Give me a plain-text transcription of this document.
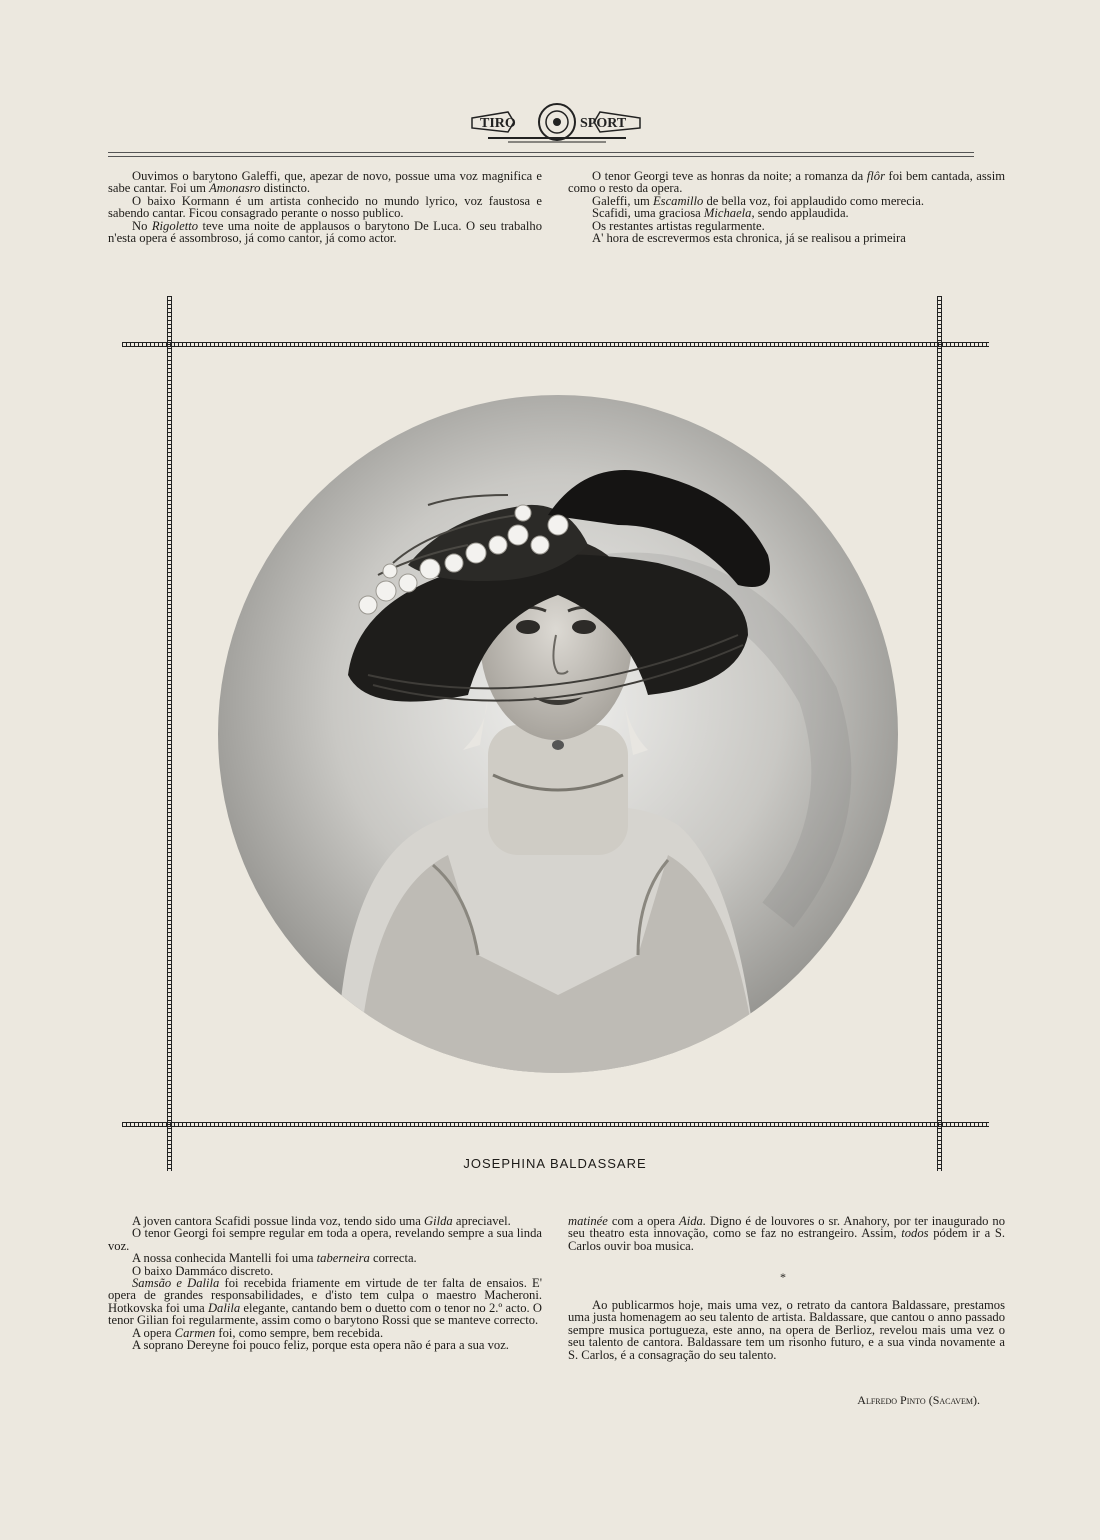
TIRO	SPORT

Ouvimos o barytono Galeffi, que, apezar de novo, possue uma voz magnifica e sabe cantar. Foi um Amonasro distincto.

O baixo Kormann é um artista conhecido no mundo lyrico, voz faustosa e sabendo cantar. Ficou consagrado perante o nosso publico.

No Rigoletto teve uma noite de applausos o barytono De Luca. O seu trabalho n'esta opera é assombroso, já como cantor, já como actor.

O tenor Georgi teve as honras da noite; a romanza da flôr foi bem cantada, assim como o resto da opera.

Galeffi, um Escamillo de bella voz, foi applaudido como merecia.

Scafidi, uma graciosa Michaela, sendo applaudida.

Os restantes artistas regularmente.

A' hora de escrevermos esta chronica, já se realisou a primeira

JOSEPHINA BALDASSARE

A joven cantora Scafidi possue linda voz, tendo sido uma Gilda apreciavel.

O tenor Georgi foi sempre regular em toda a opera, revelando sempre a sua linda voz.

A nossa conhecida Mantelli foi uma taberneira correcta.

O baixo Dammáco discreto.

Samsão e Dalila foi recebida friamente em virtude de ter falta de ensaios. E' opera de grandes responsabilidades, e d'isto tem culpa o maestro Macheroni. Hotkovska foi uma Dalila elegante, cantando bem o duetto com o tenor no 2.º acto. O tenor Gilian foi regularmente, assim como o barytono Rossi que se manteve correcto.

A opera Carmen foi, como sempre, bem recebida.

A soprano Dereyne foi pouco feliz, porque esta opera não é para a sua voz.

matinée com a opera Aida. Digno é de louvores o sr. Anahory, por ter inaugurado no seu theatro esta innovação, como se faz no estrangeiro. Assim, todos pódem ir a S. Carlos ouvir boa musica.

*

Ao publicarmos hoje, mais uma vez, o retrato da cantora Baldassare, prestamos uma justa homenagem ao seu talento de artista. Baldassare, que cantou o anno passado sempre musica portugueza, este anno, na opera de Berlioz, revelou mais uma vez o seu talento de cantora. Baldassare tem um risonho futuro, e a sua vinda novamente a S. Carlos, é a consagração do seu talento.

Alfredo Pinto (Sacavem).
